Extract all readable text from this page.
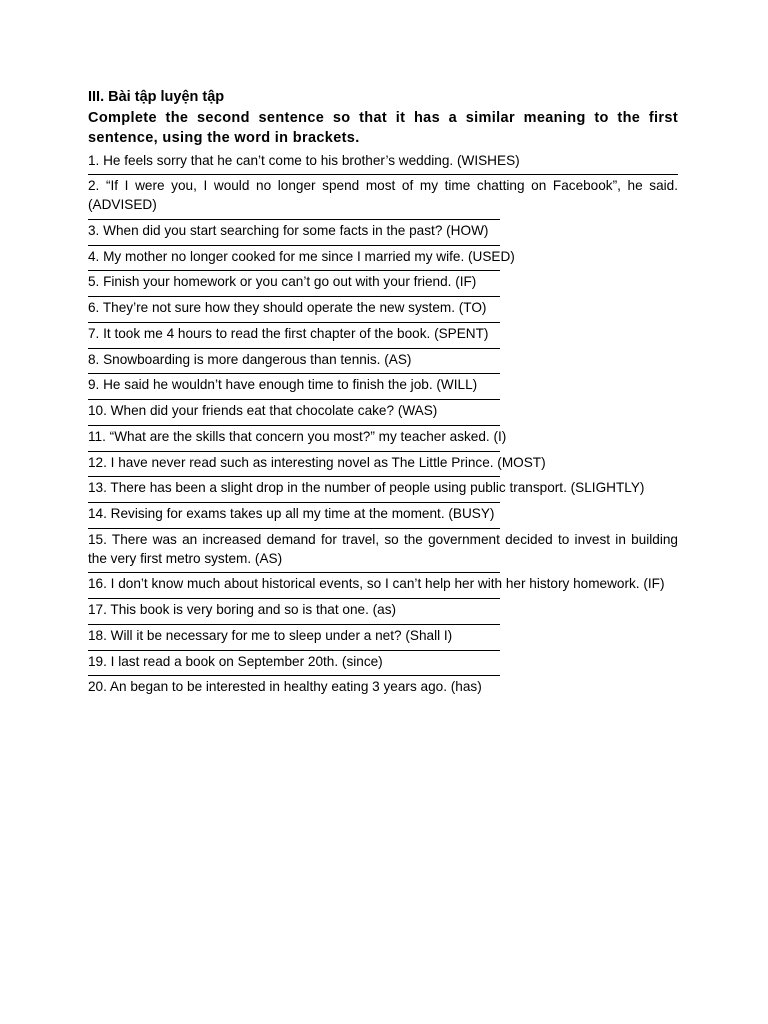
III. Bài tập luyện tập

Complete the second sentence so that it has a similar meaning to the first sentence, using the word in brackets.

1. He feels sorry that he can’t come to his brother’s wedding. (WISHES)

2. “If I were you, I would no longer spend most of my time chatting on Facebook”, he said. (ADVISED)

3. When did you start searching for some facts in the past? (HOW)

4. My mother no longer cooked for me since I married my wife. (USED)

5. Finish your homework or you can’t go out with your friend. (IF)

6. They’re not sure how they should operate the new system. (TO)

7. It took me 4 hours to read the first chapter of the book. (SPENT)

8. Snowboarding is more dangerous than tennis. (AS)

9. He said he wouldn’t have enough time to finish the job. (WILL)

10. When did your friends eat that chocolate cake? (WAS)

11. “What are the skills that concern you most?” my teacher asked. (I)

12. I have never read such as interesting novel as The Little Prince. (MOST)

13. There has been a slight drop in the number of people using public transport. (SLIGHTLY)

14. Revising for exams takes up all my time at the moment. (BUSY)

15. There was an increased demand for travel, so the government decided to invest in building the very first metro system. (AS)

16. I don’t know much about historical events, so I can’t help her with her history homework. (IF)

17. This book is very boring and so is that one. (as)

18. Will it be necessary for me to sleep under a net? (Shall I)

19. I last read a book on September 20th. (since)

20. An began to be interested in healthy eating 3 years ago. (has)
